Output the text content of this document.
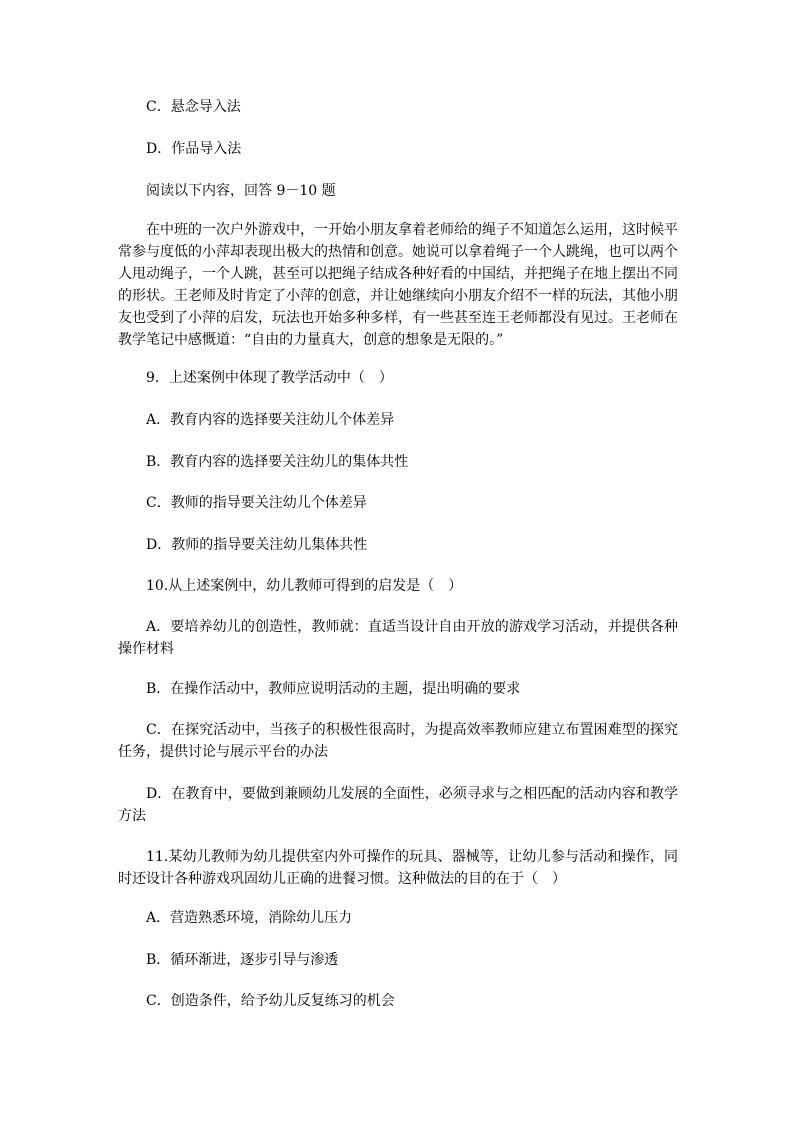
C．悬念导入法
D．作品导入法
阅读以下内容，回答 9－10 题
在中班的一次户外游戏中，一开始小朋友拿着老师给的绳子不知道怎么运用，这时候平常参与度低的小萍却表现出极大的热情和创意。她说可以拿着绳子一个人跳绳，也可以两个人甩动绳子，一个人跳，甚至可以把绳子结成各种好看的中国结，并把绳子在地上摆出不同的形状。王老师及时肯定了小萍的创意，并让她继续向小朋友介绍不一样的玩法，其他小朋友也受到了小萍的启发，玩法也开始多种多样，有一些甚至连王老师都没有见过。王老师在教学笔记中感慨道：“自由的力量真大，创意的想象是无限的。”
9．上述案例中体现了教学活动中（　）
A．教育内容的选择要关注幼儿个体差异
B．教育内容的选择要关注幼儿的集体共性
C．教师的指导要关注幼儿个体差异
D．教师的指导要关注幼儿集体共性
10.从上述案例中，幼儿教师可得到的启发是（　）
A．要培养幼儿的创造性，教师就：直适当设计自由开放的游戏学习活动，并提供各种操作材料
B．在操作活动中，教师应说明活动的主题，提出明确的要求
C．在探究活动中，当孩子的积极性很高时，为提高效率教师应建立布置困难型的探究任务，提供讨论与展示平台的办法
D．在教育中，要做到兼顾幼儿发展的全面性，必须寻求与之相匹配的活动内容和教学方法
11.某幼儿教师为幼儿提供室内外可操作的玩具、器械等，让幼儿参与活动和操作，同时还设计各种游戏巩固幼儿正确的进餐习惯。这种做法的目的在于（　）
A．营造熟悉环境，消除幼儿压力
B．循环渐进，逐步引导与渗透
C．创造条件，给予幼儿反复练习的机会
